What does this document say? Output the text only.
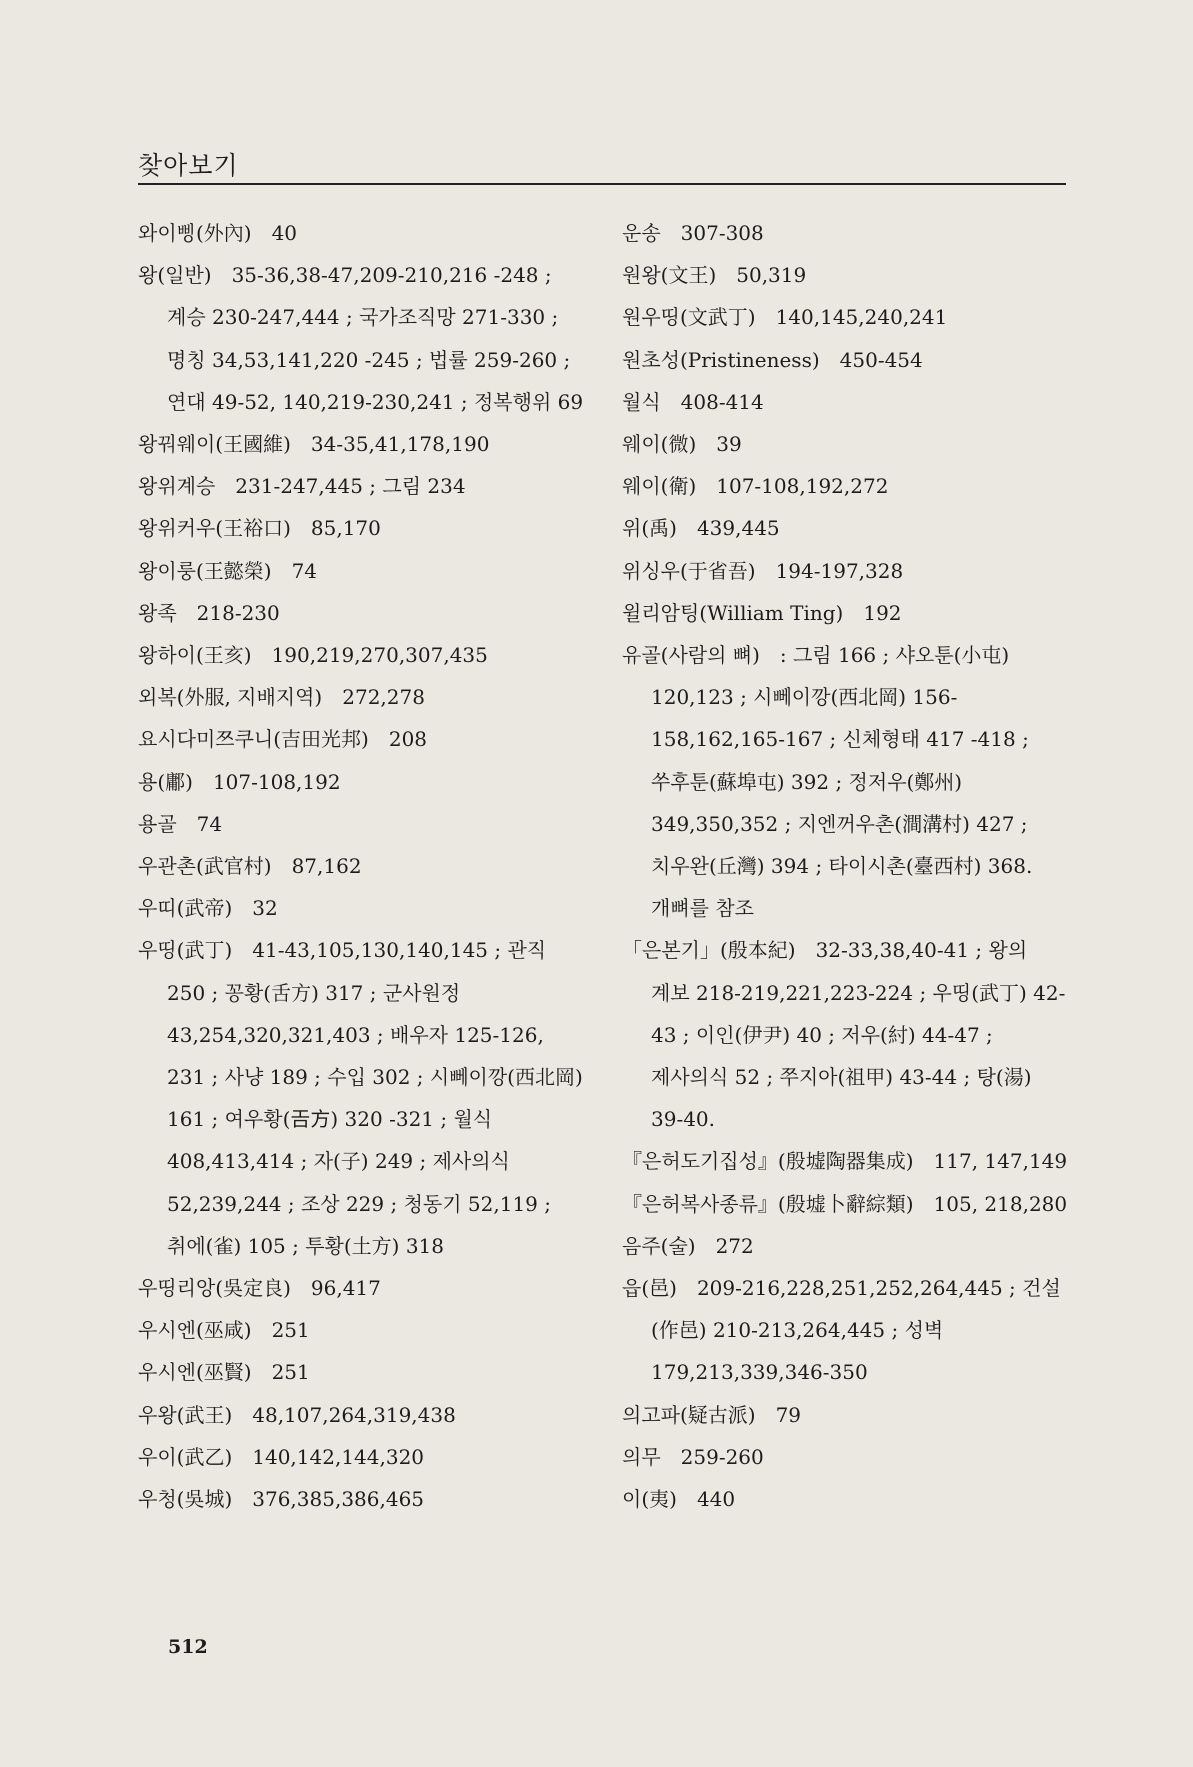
찾아보기
와이삥(外內) 40
왕(일반) 35-36,38-47,209-210,216 -248 ; 계승 230-247,444 ; 국가조직망 271-330 ; 명칭 34,53,141,220 -245 ; 법률 259-260 ; 연대 49-52, 140,219-230,241 ; 정복행위 69
왕꿔웨이(王國維) 34-35,41,178,190
왕위계승 231-247,445 ; 그림 234
왕위커우(王裕口) 85,170
왕이룽(王懿榮) 74
왕족 218-230
왕하이(王亥) 190,219,270,307,435
외복(外服, 지배지역) 272,278
요시다미쯔쿠니(吉田光邦) 208
용(鄘) 107-108,192
용골 74
우관촌(武官村) 87,162
우띠(武帝) 32
우띵(武丁) 41-43,105,130,140,145 ; 관직 250 ; 꽁황(舌方) 317 ; 군사원정 43,254,320,321,403 ; 배우자 125-126, 231 ; 사냥 189 ; 수입 302 ; 시뻬이깡(西北岡) 161 ; 여우황(𢀛方) 320 -321 ; 월식 408,413,414 ; 자(子) 249 ; 제사의식 52,239,244 ; 조상 229 ; 청동기 52,119 ; 취에(雀) 105 ; 투황(土方) 318
우띵리앙(吳定良) 96,417
우시엔(巫咸) 251
우시엔(巫賢) 251
우왕(武王) 48,107,264,319,438
우이(武乙) 140,142,144,320
우청(吳城) 376,385,386,465
운송 307-308
원왕(文王) 50,319
원우띵(文武丁) 140,145,240,241
원초성(Pristineness) 450-454
월식 408-414
웨이(微) 39
웨이(衛) 107-108,192,272
위(禹) 439,445
위싱우(于省吾) 194-197,328
윌리암팅(William Ting) 192
유골(사람의 뼈) : 그림 166 ; 샤오툰(小屯) 120,123 ; 시뻬이깡(西北岡) 156-158,162,165-167 ; 신체형태 417 -418 ; 쑤후툰(蘇埠屯) 392 ; 정저우(鄭州) 349,350,352 ; 지엔꺼우촌(澗溝村) 427 ; 치우완(丘灣) 394 ; 타이시촌(臺西村) 368. 개뼈를 참조
「은본기」(殷本紀) 32-33,38,40-41 ; 왕의 계보 218-219,221,223-224 ; 우띵(武丁) 42-43 ; 이인(伊尹) 40 ; 저우(紂) 44-47 ; 제사의식 52 ; 쭈지아(祖甲) 43-44 ; 탕(湯) 39-40.
『은허도기집성』(殷墟陶器集成) 117, 147,149
『은허복사종류』(殷墟卜辭綜類) 105, 218,280
음주(술) 272
읍(邑) 209-216,228,251,252,264,445 ; 건설(作邑) 210-213,264,445 ; 성벽 179,213,339,346-350
의고파(疑古派) 79
의무 259-260
이(夷) 440
512
